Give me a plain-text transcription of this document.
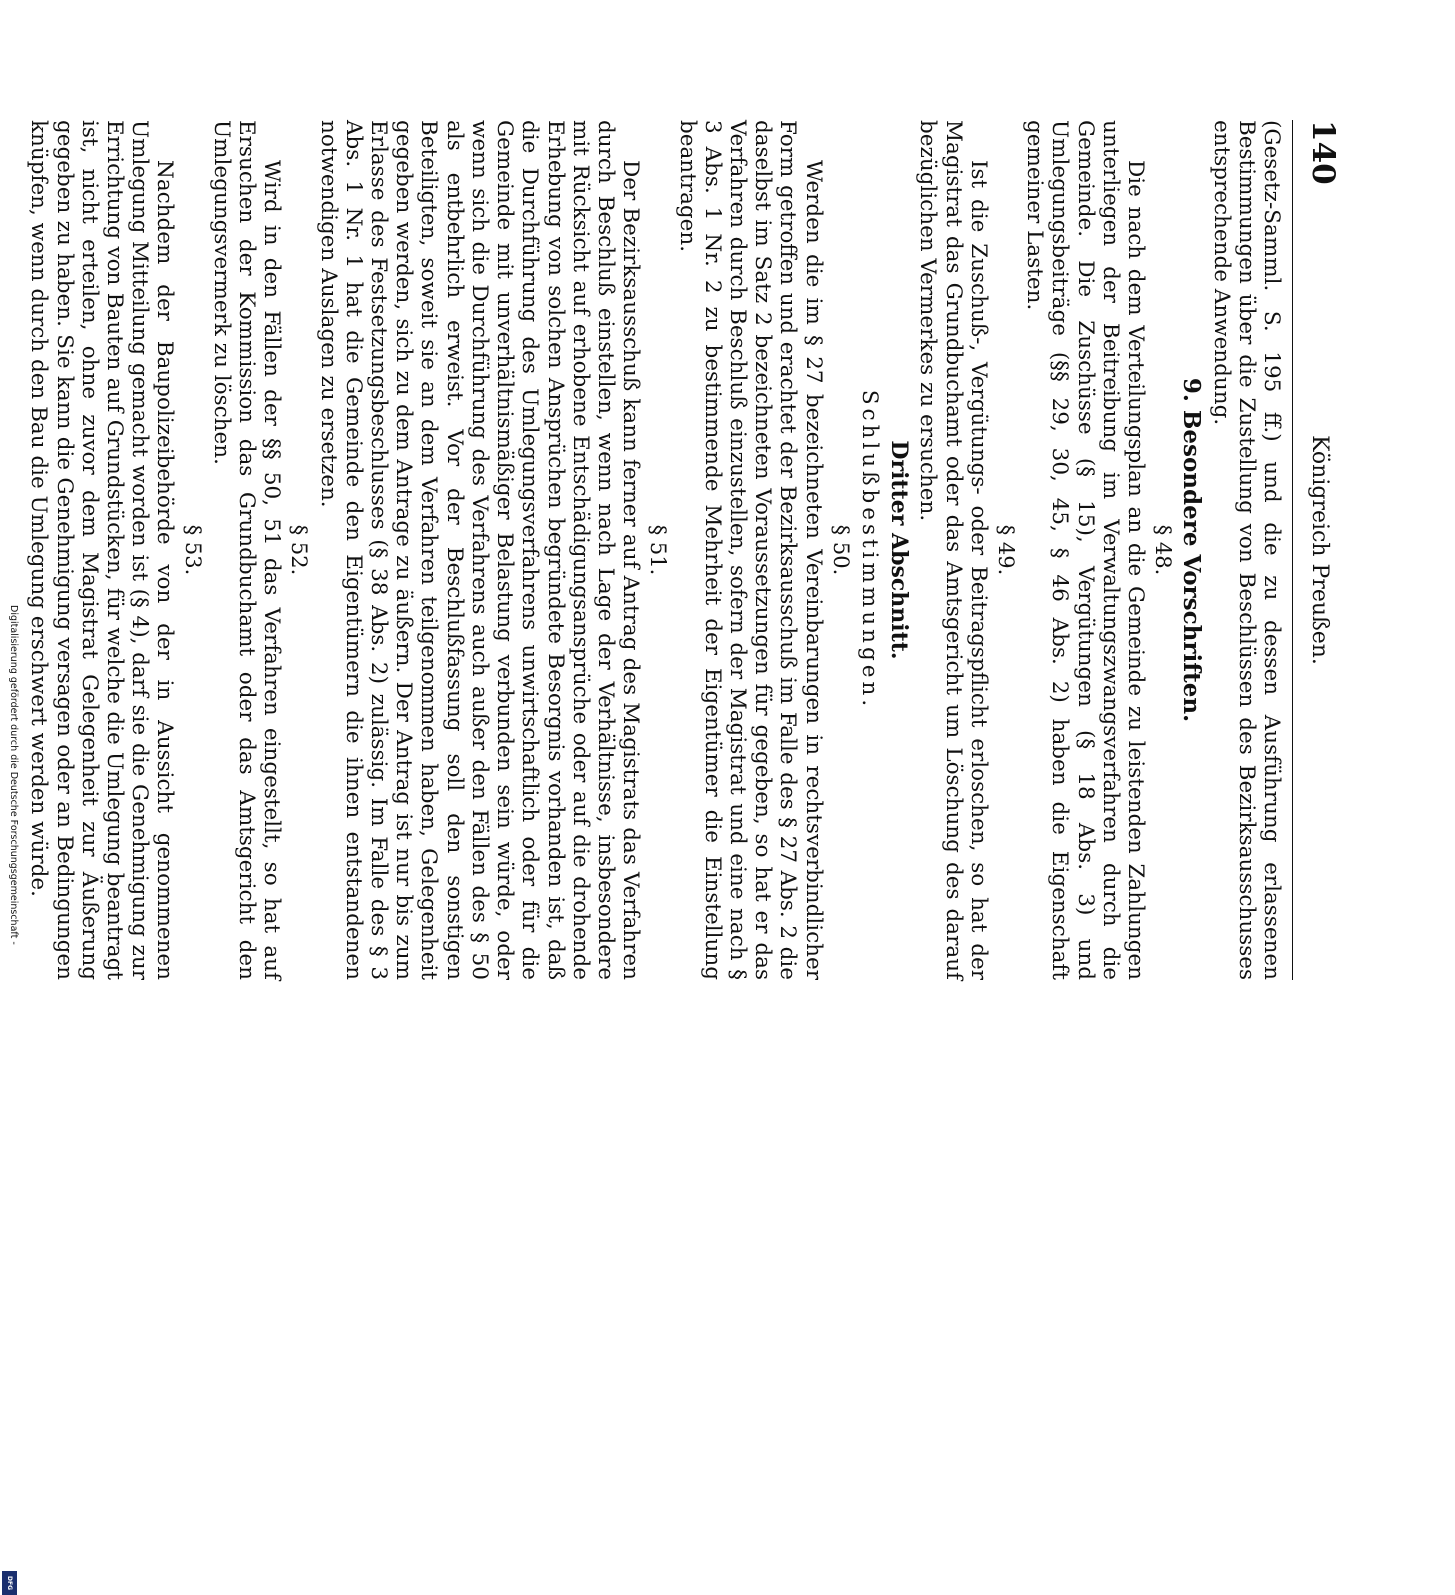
140
Königreich Preußen.

(Gesetz-Samml. S. 195 ff.) und die zu dessen Ausführung erlassenen Bestimmungen über die Zustellung von Beschlüssen des Bezirksausschusses entsprechende Anwendung.

9. Besondere Vorschriften.
§ 48.

Die nach dem Verteilungsplan an die Gemeinde zu leistenden Zahlungen unterliegen der Beitreibung im Verwaltungszwangsverfahren durch die Gemeinde. Die Zuschüsse (§ 15), Vergütungen (§ 18 Abs. 3) und Umlegungsbeiträge (§§ 29, 30, 45, § 46 Abs. 2) haben die Eigenschaft gemeiner Lasten.

§ 49.

Ist die Zuschuß-, Vergütungs- oder Beitragspflicht erloschen, so hat der Magistrat das Grundbuchamt oder das Amtsgericht um Löschung des darauf bezüglichen Vermerkes zu ersuchen.

Dritter Abschnitt.
Schlußbestimmungen.
§ 50.

Werden die im § 27 bezeichneten Vereinbarungen in rechtsverbindlicher Form getroffen und erachtet der Bezirksausschuß im Falle des § 27 Abs. 2 die daselbst im Satz 2 bezeichneten Voraussetzungen für gegeben, so hat er das Verfahren durch Beschluß einzustellen, sofern der Magistrat und eine nach § 3 Abs. 1 Nr. 2 zu bestimmende Mehrheit der Eigentümer die Einstellung beantragen.

§ 51.

Der Bezirksausschuß kann ferner auf Antrag des Magistrats das Verfahren durch Beschluß einstellen, wenn nach Lage der Verhältnisse, insbesondere mit Rücksicht auf erhobene Entschädigungsansprüche oder auf die drohende Erhebung von solchen Ansprüchen begründete Besorgnis vorhanden ist, daß die Durchführung des Umlegungsverfahrens unwirtschaftlich oder für die Gemeinde mit unverhältnismäßiger Belastung verbunden sein würde, oder wenn sich die Durchführung des Verfahrens auch außer den Fällen des § 50 als entbehrlich erweist. Vor der Beschlußfassung soll den sonstigen Beteiligten, soweit sie an dem Verfahren teilgenommen haben, Gelegenheit gegeben werden, sich zu dem Antrage zu äußern. Der Antrag ist nur bis zum Erlasse des Festsetzungsbeschlusses (§ 38 Abs. 2) zulässig. Im Falle des § 3 Abs. 1 Nr. 1 hat die Gemeinde den Eigentümern die ihnen entstandenen notwendigen Auslagen zu ersetzen.

§ 52.

Wird in den Fällen der §§ 50, 51 das Verfahren eingestellt, so hat auf Ersuchen der Kommission das Grundbuchamt oder das Amtsgericht den Umlegungsvermerk zu löschen.

§ 53.

Nachdem der Baupolizeibehörde von der in Aussicht genommenen Umlegung Mitteilung gemacht worden ist (§ 4), darf sie die Genehmigung zur Errichtung von Bauten auf Grundstücken, für welche die Umlegung beantragt ist, nicht erteilen, ohne zuvor dem Magistrat Gelegenheit zur Äußerung gegeben zu haben. Sie kann die Genehmigung versagen oder an Bedingungen knüpfen, wenn durch den Bau die Umlegung erschwert werden würde.

Digitalisierung gefördert durch die Deutsche Forschungsgemeinschaft -
DFG
